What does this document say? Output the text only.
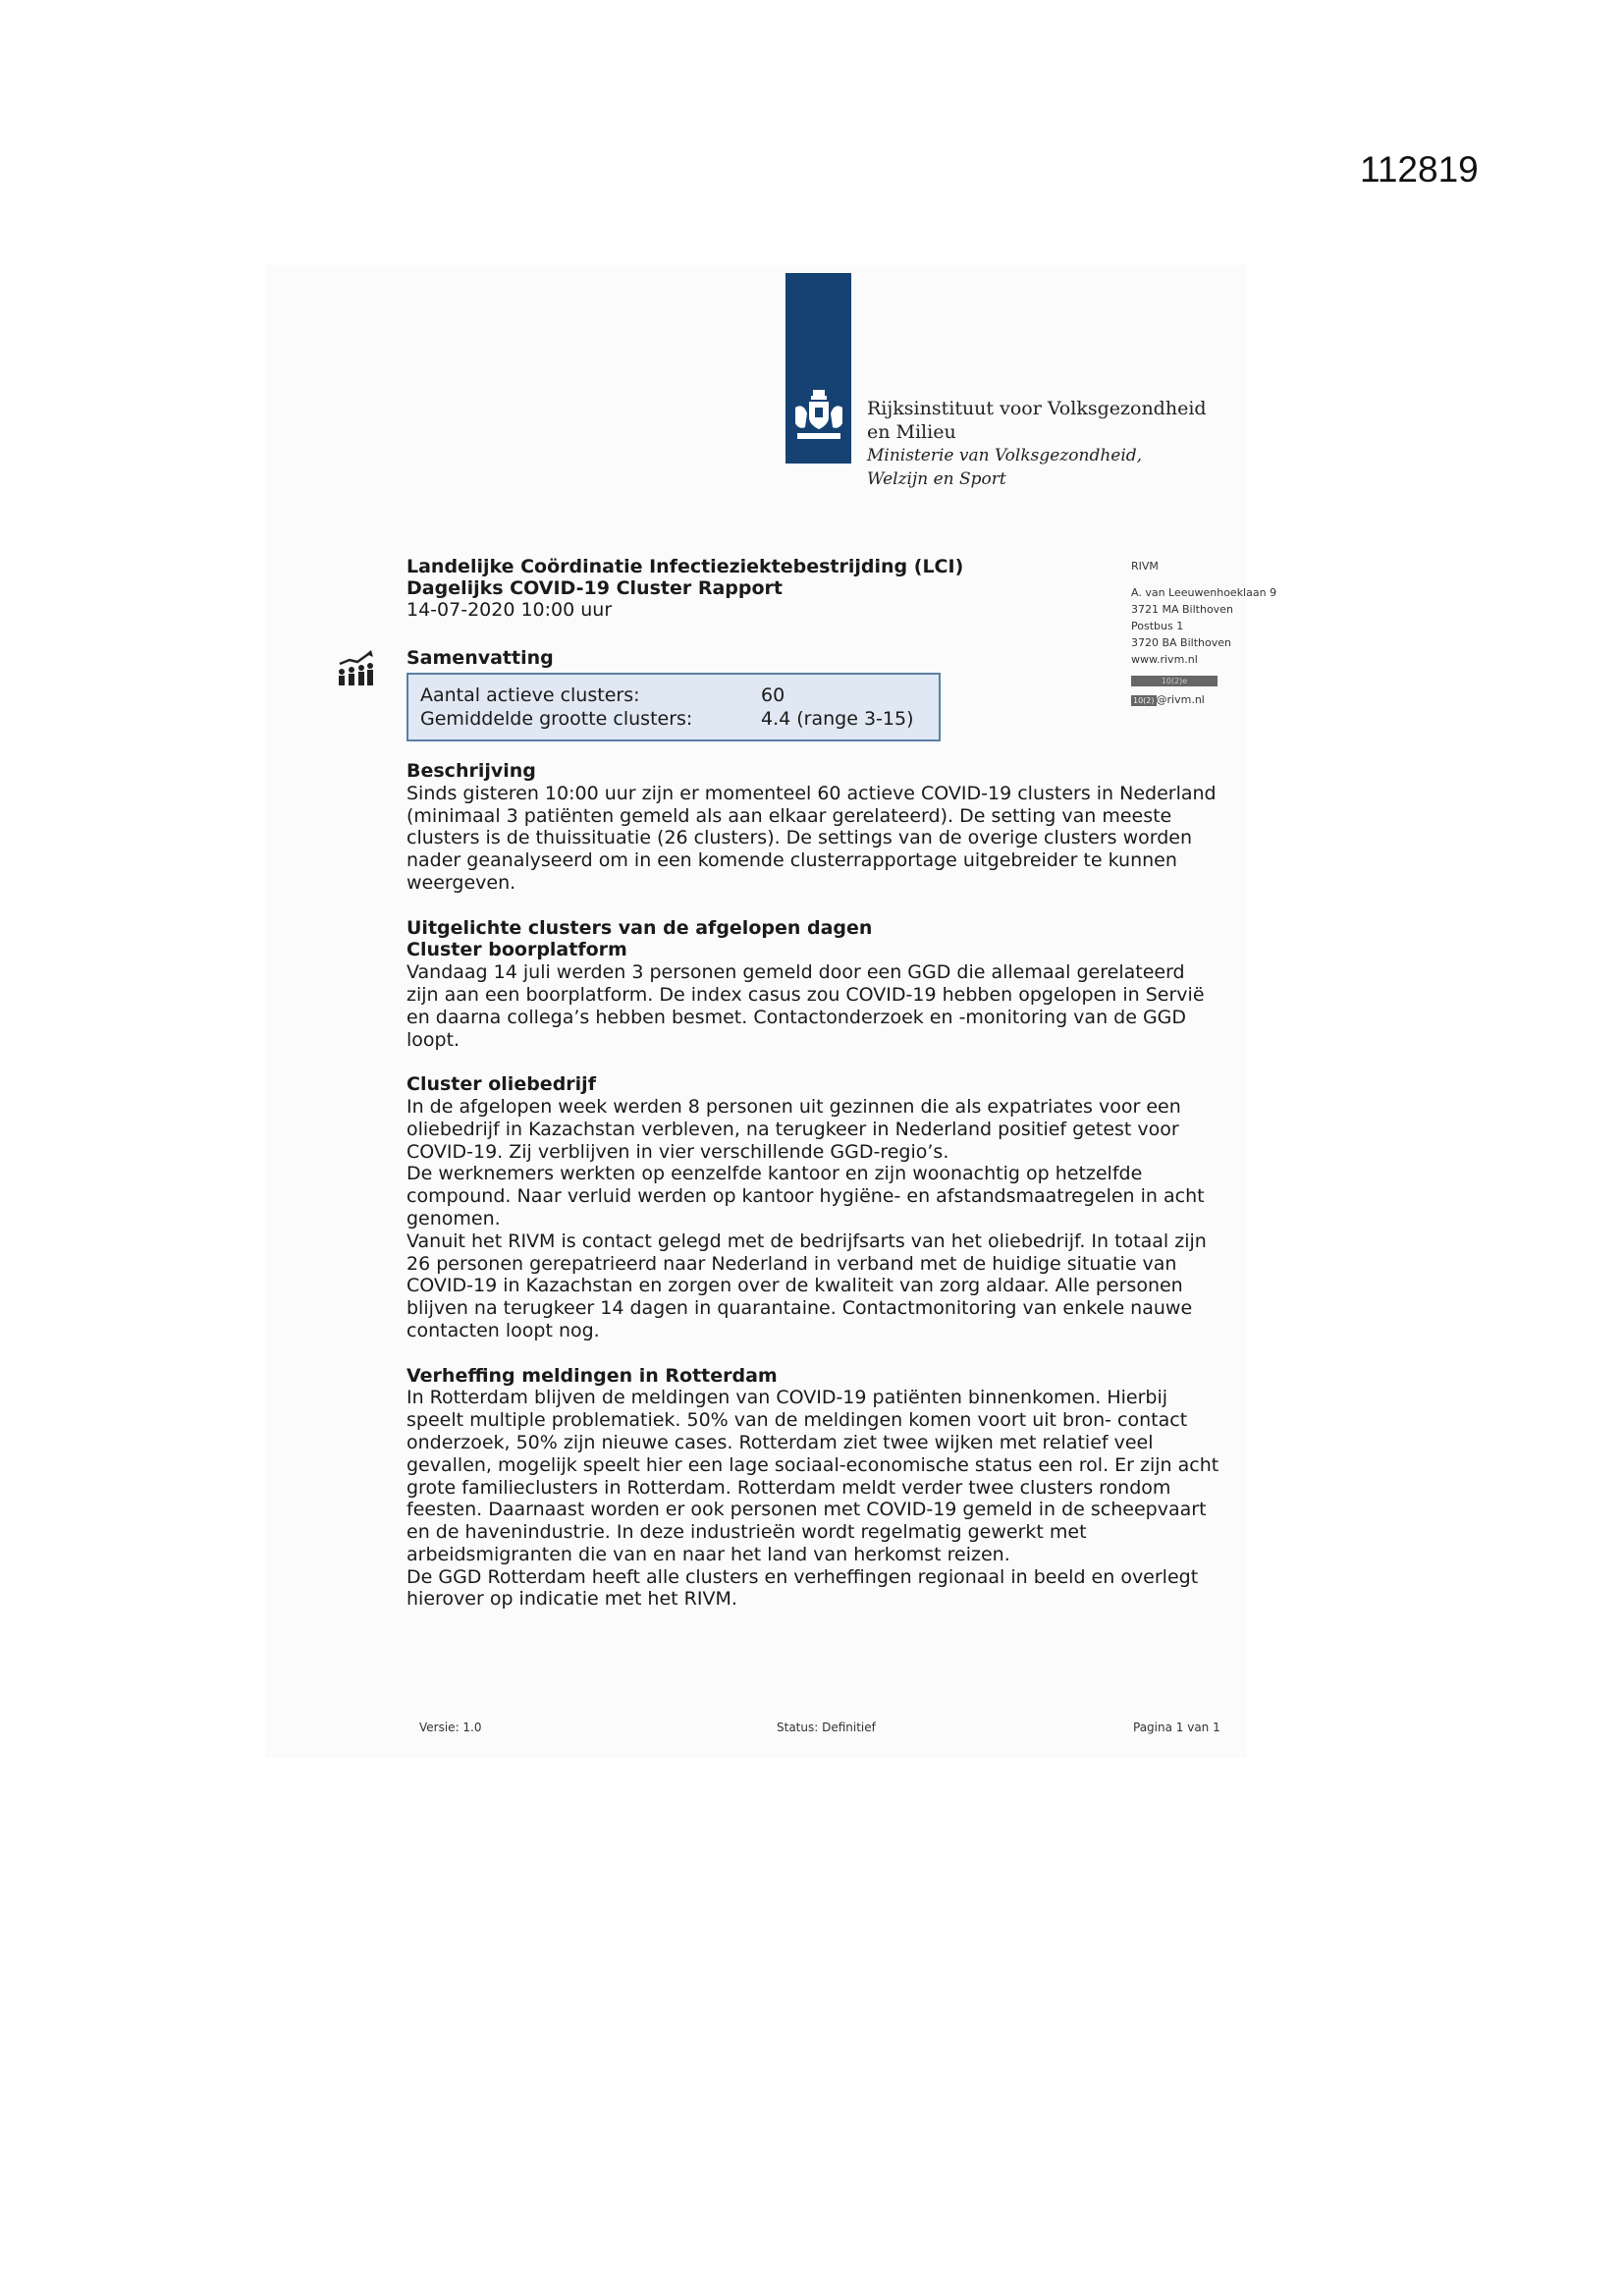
112819
Rijksinstituut voor Volksgezondheid
en Milieu
Ministerie van Volksgezondheid,
Welzijn en Sport
Landelijke Coördinatie Infectieziektebestrijding (LCI)
Dagelijks COVID-19 Cluster Rapport
14-07-2020 10:00 uur
RIVM
A. van Leeuwenhoeklaan 9
3721 MA Bilthoven
Postbus 1
3720 BA Bilthoven
www.rivm.nl
10(2)e
10(2) @rivm.nl
Samenvatting
Aantal actieve clusters:	60
Gemiddelde grootte clusters:	4.4 (range 3-15)
Beschrijving

Sinds gisteren 10:00 uur zijn er momenteel 60 actieve COVID-19 clusters in Nederland (minimaal 3 patiënten gemeld als aan elkaar gerelateerd). De setting van meeste clusters is de thuissituatie (26 clusters). De settings van de overige clusters worden nader geanalyseerd om in een komende clusterrapportage uitgebreider te kunnen weergeven.

Uitgelichte clusters van de afgelopen dagen
Cluster boorplatform

Vandaag 14 juli werden 3 personen gemeld door een GGD die allemaal gerelateerd zijn aan een boorplatform. De index casus zou COVID-19 hebben opgelopen in Servië en daarna collega’s hebben besmet. Contactonderzoek en -monitoring van de GGD loopt.

Cluster oliebedrijf

In de afgelopen week werden 8 personen uit gezinnen die als expatriates voor een oliebedrijf in Kazachstan verbleven, na terugkeer in Nederland positief getest voor COVID-19. Zij verblijven in vier verschillende GGD-regio’s.

De werknemers werkten op eenzelfde kantoor en zijn woonachtig op hetzelfde compound. Naar verluid werden op kantoor hygiëne- en afstandsmaatregelen in acht genomen.

Vanuit het RIVM is contact gelegd met de bedrijfsarts van het oliebedrijf. In totaal zijn 26 personen gerepatrieerd naar Nederland in verband met de huidige situatie van COVID-19 in Kazachstan en zorgen over de kwaliteit van zorg aldaar. Alle personen blijven na terugkeer 14 dagen in quarantaine. Contactmonitoring van enkele nauwe contacten loopt nog.

Verheffing meldingen in Rotterdam

In Rotterdam blijven de meldingen van COVID-19 patiënten binnenkomen. Hierbij speelt multiple problematiek. 50% van de meldingen komen voort uit bron- contact onderzoek, 50% zijn nieuwe cases. Rotterdam ziet twee wijken met relatief veel gevallen, mogelijk speelt hier een lage sociaal-economische status een rol. Er zijn acht grote familieclusters in Rotterdam. Rotterdam meldt verder twee clusters rondom feesten. Daarnaast worden er ook personen met COVID-19 gemeld in de scheepvaart en de havenindustrie. In deze industrieën wordt regelmatig gewerkt met arbeidsmigranten die van en naar het land van herkomst reizen.

De GGD Rotterdam heeft alle clusters en verheffingen regionaal in beeld en overlegt hierover op indicatie met het RIVM.

Versie: 1.0	Status: Definitief	Pagina 1 van 1
